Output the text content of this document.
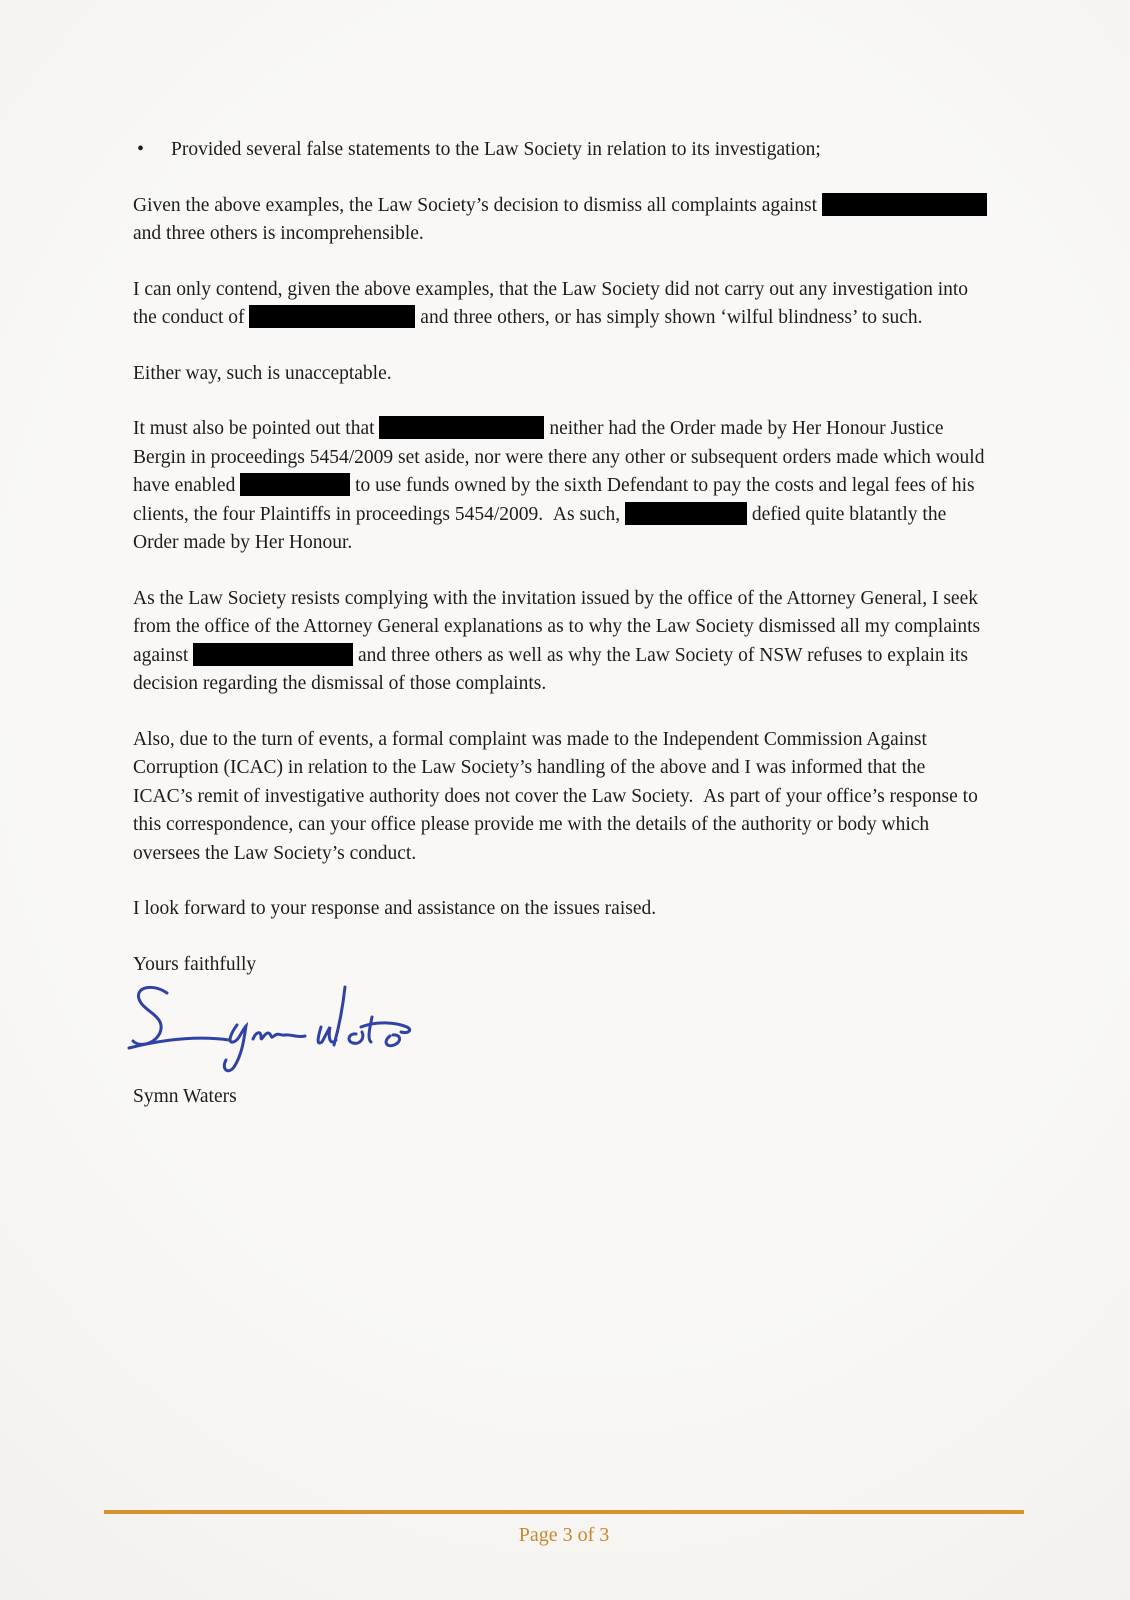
• Provided several false statements to the Law Society in relation to its investigation;

Given the above examples, the Law Society’s decision to dismiss all complaints against  and three others is incomprehensible.

I can only contend, given the above examples, that the Law Society did not carry out any investigation into the conduct of	and three others, or has simply shown ‘wilful blindness’ to such.

Either way, such is unacceptable.

It must also be pointed out that	neither had the Order made by Her Honour Justice Bergin in proceedings 5454/2009 set aside, nor were there any other or subsequent orders made which would have enabled	to use funds owned by the sixth Defendant to pay the costs and legal fees of his clients, the four Plaintiffs in proceedings 5454/2009.  As such,	defied quite blatantly the Order made by Her Honour.

As the Law Society resists complying with the invitation issued by the office of the Attorney General, I seek from the office of the Attorney General explanations as to why the Law Society dismissed all my complaints against	and three others as well as why the Law Society of NSW refuses to explain its decision regarding the dismissal of those complaints.

Also, due to the turn of events, a formal complaint was made to the Independent Commission Against Corruption (ICAC) in relation to the Law Society’s handling of the above and I was informed that the ICAC’s remit of investigative authority does not cover the Law Society.  As part of your office’s response to this correspondence, can your office please provide me with the details of the authority or body which oversees the Law Society’s conduct.

I look forward to your response and assistance on the issues raised.

Yours faithfully

Symn Waters

Page 3 of 3
